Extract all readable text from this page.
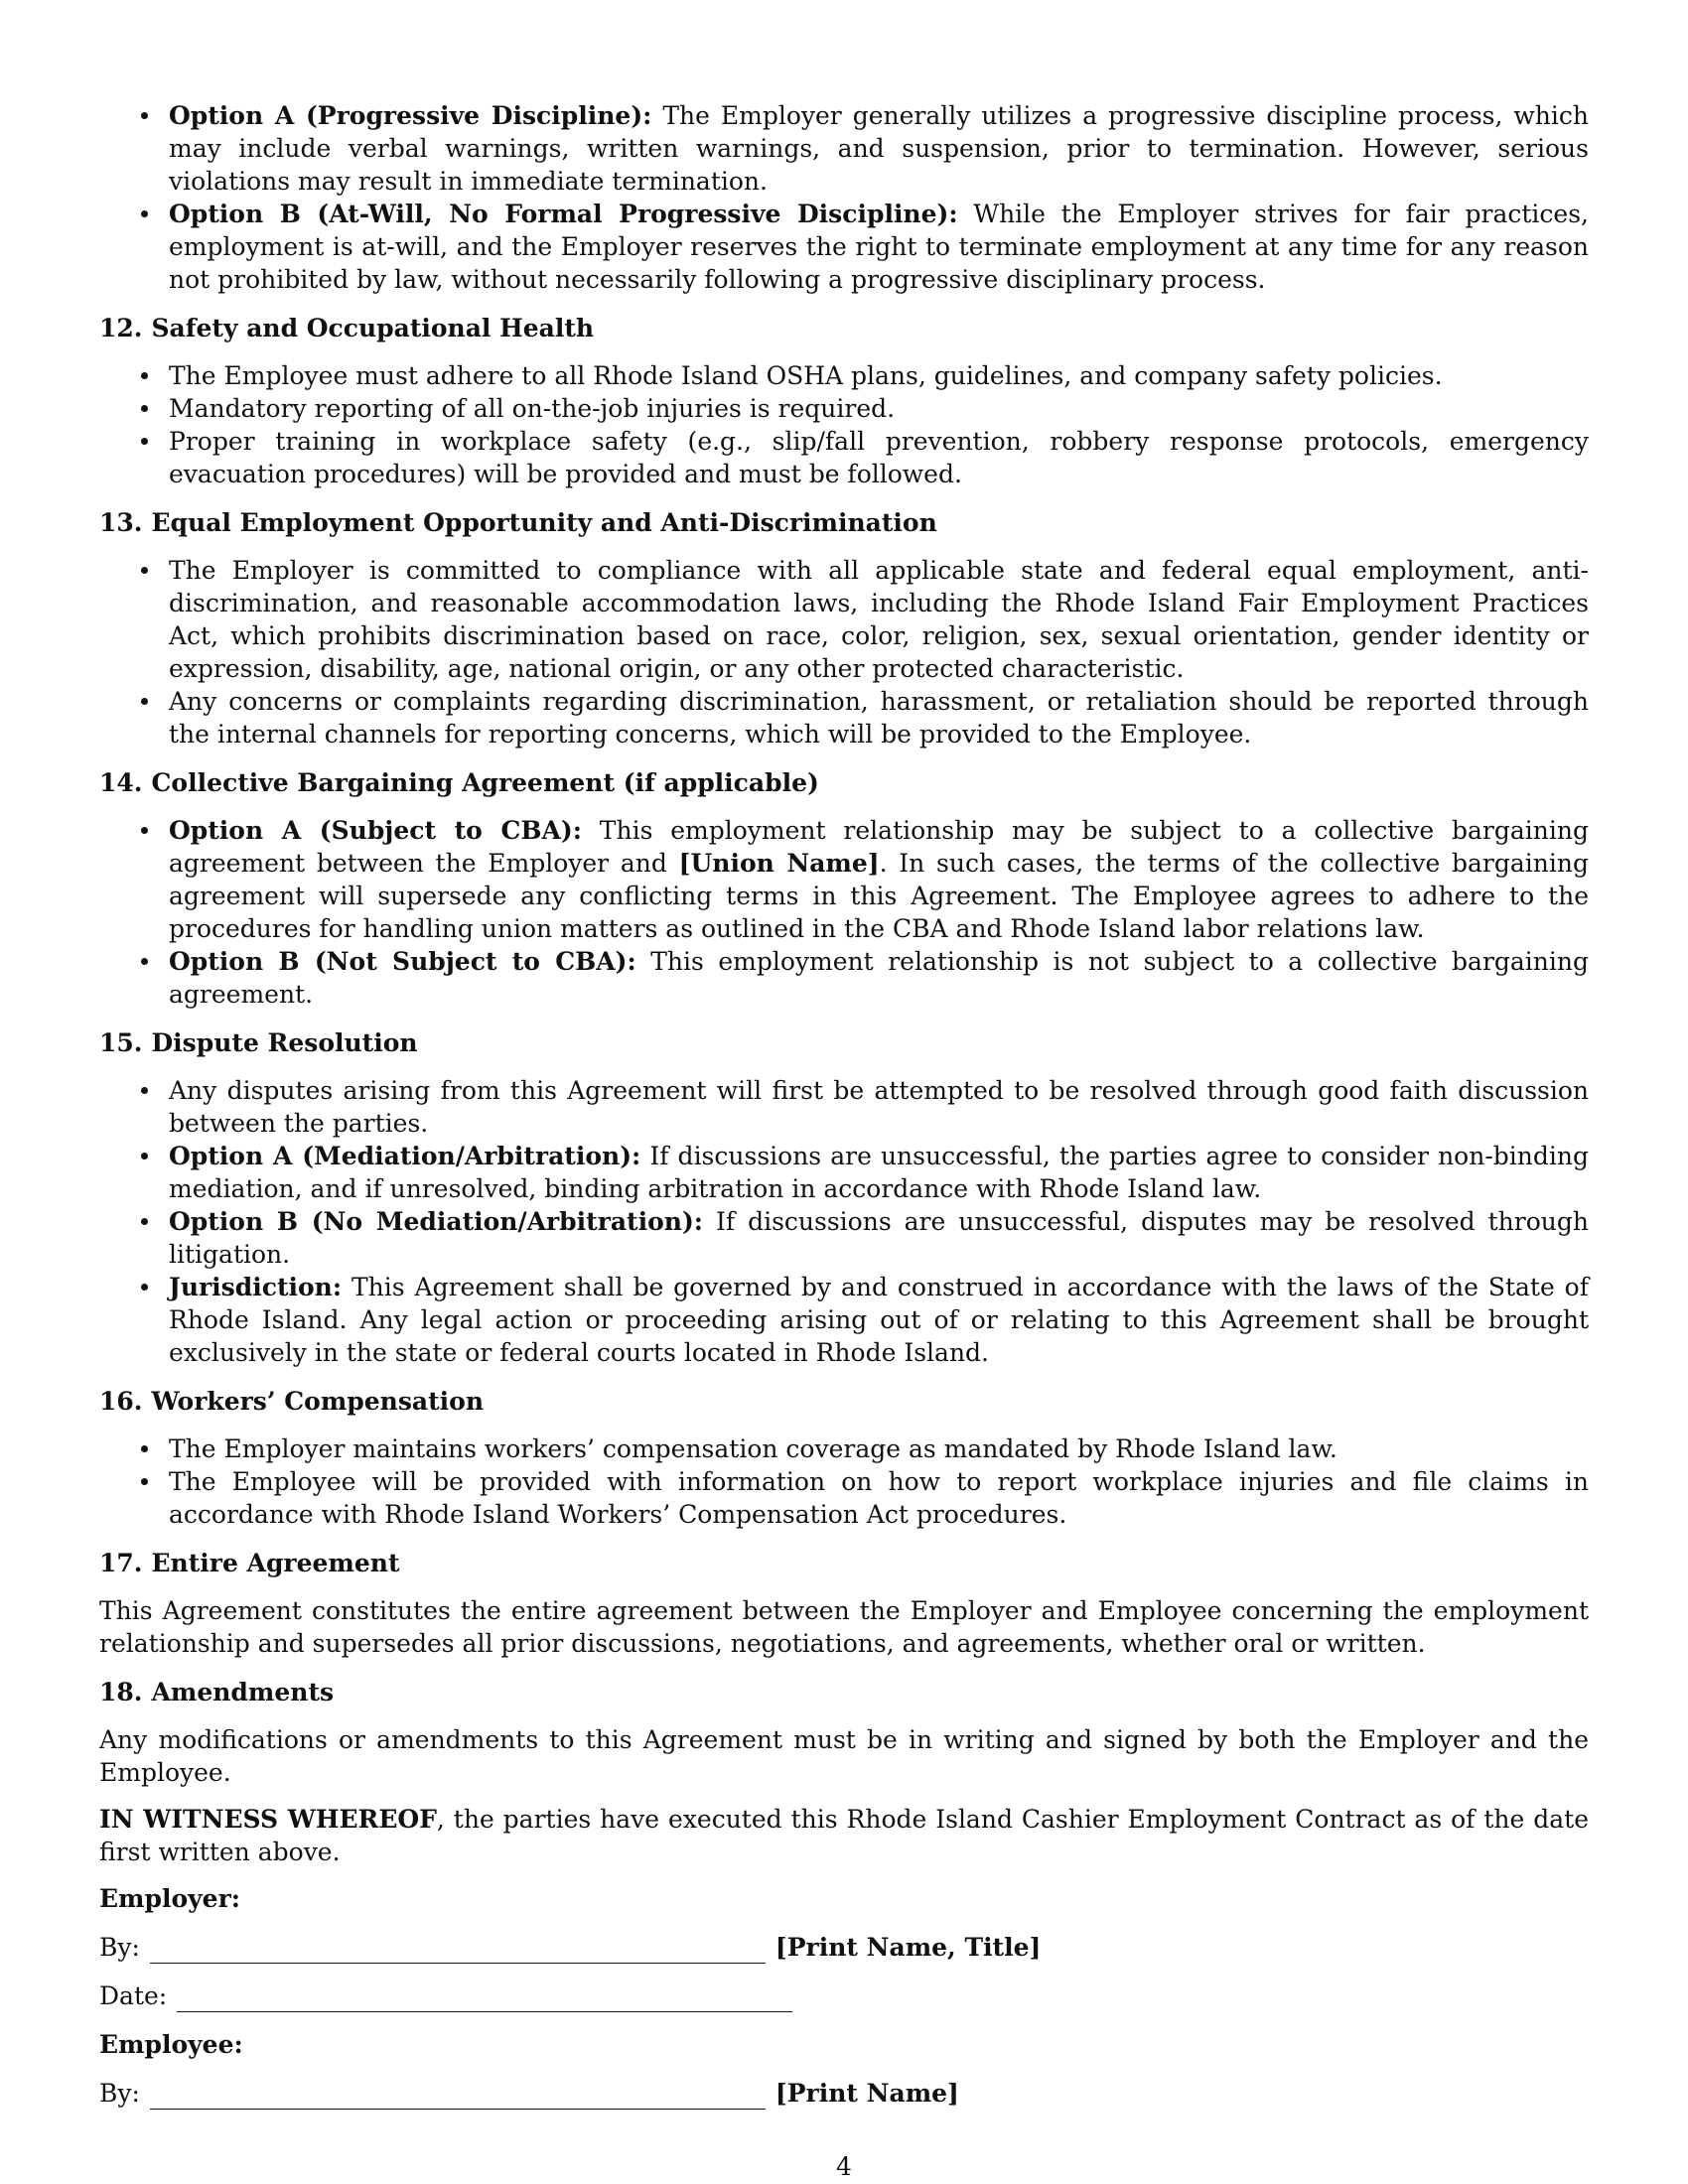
Option A (Progressive Discipline): The Employer generally utilizes a progressive discipline process, which may include verbal warnings, written warnings, and suspension, prior to termination. However, serious violations may result in immediate termination.
Option B (At-Will, No Formal Progressive Discipline): While the Employer strives for fair practices, employment is at-will, and the Employer reserves the right to terminate employment at any time for any reason not prohibited by law, without necessarily following a progressive disciplinary process.
12. Safety and Occupational Health
The Employee must adhere to all Rhode Island OSHA plans, guidelines, and company safety policies.
Mandatory reporting of all on-the-job injuries is required.
Proper training in workplace safety (e.g., slip/fall prevention, robbery response protocols, emergency evacuation procedures) will be provided and must be followed.
13. Equal Employment Opportunity and Anti-Discrimination
The Employer is committed to compliance with all applicable state and federal equal employment, anti-discrimination, and reasonable accommodation laws, including the Rhode Island Fair Employment Practices Act, which prohibits discrimination based on race, color, religion, sex, sexual orientation, gender identity or expression, disability, age, national origin, or any other protected characteristic.
Any concerns or complaints regarding discrimination, harassment, or retaliation should be reported through the internal channels for reporting concerns, which will be provided to the Employee.
14. Collective Bargaining Agreement (if applicable)
Option A (Subject to CBA): This employment relationship may be subject to a collective bargaining agreement between the Employer and [Union Name]. In such cases, the terms of the collective bargaining agreement will supersede any conflicting terms in this Agreement. The Employee agrees to adhere to the procedures for handling union matters as outlined in the CBA and Rhode Island labor relations law.
Option B (Not Subject to CBA): This employment relationship is not subject to a collective bargaining agreement.
15. Dispute Resolution
Any disputes arising from this Agreement will first be attempted to be resolved through good faith discussion between the parties.
Option A (Mediation/Arbitration): If discussions are unsuccessful, the parties agree to consider non-binding mediation, and if unresolved, binding arbitration in accordance with Rhode Island law.
Option B (No Mediation/Arbitration): If discussions are unsuccessful, disputes may be resolved through litigation.
Jurisdiction: This Agreement shall be governed by and construed in accordance with the laws of the State of Rhode Island. Any legal action or proceeding arising out of or relating to this Agreement shall be brought exclusively in the state or federal courts located in Rhode Island.
16. Workers’ Compensation
The Employer maintains workers’ compensation coverage as mandated by Rhode Island law.
The Employee will be provided with information on how to report workplace injuries and file claims in accordance with Rhode Island Workers’ Compensation Act procedures.
17. Entire Agreement

This Agreement constitutes the entire agreement between the Employer and Employee concerning the employment relationship and supersedes all prior discussions, negotiations, and agreements, whether oral or written.

18. Amendments

Any modifications or amendments to this Agreement must be in writing and signed by both the Employer and the Employee.

IN WITNESS WHEREOF, the parties have executed this Rhode Island Cashier Employment Contract as of the date first written above.

Employer:
By:	[Print Name, Title]
Date:
Employee:
By:	[Print Name]
4
